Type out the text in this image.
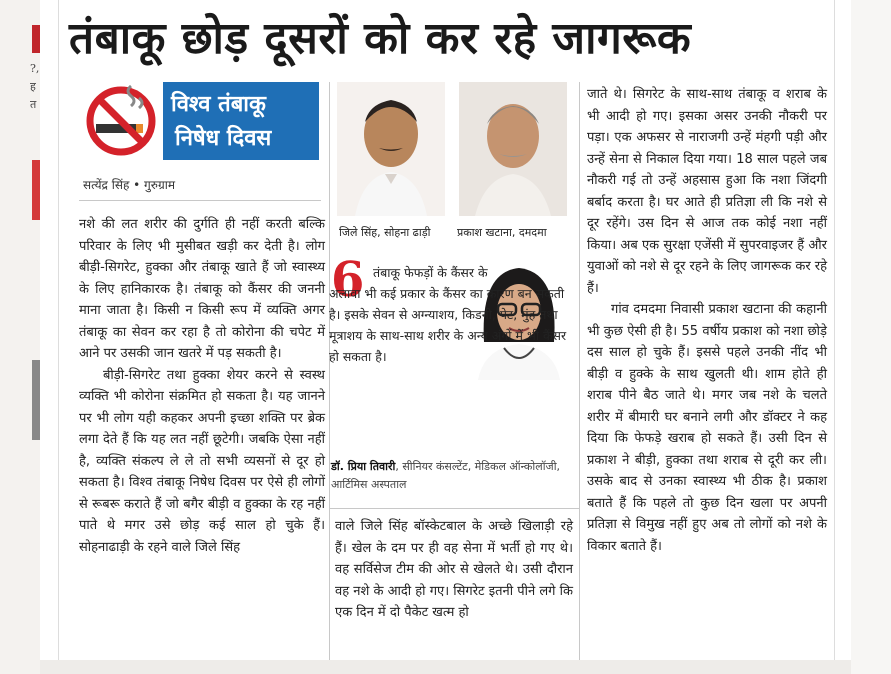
?, ह त
तंबाकू छोड़ दूसरों को कर रहे जागरूक
विश्व तंबाकू
निषेध दिवस
सत्येंद्र सिंह • गुरुग्राम

नशे की लत शरीर की दुर्गति ही नहीं करती बल्कि परिवार के लिए भी मुसीबत खड़ी कर देती है। लोग बीड़ी-सिगरेट, हुक्का और तंबाकू खाते हैं जो स्वास्थ्य के लिए हानिकारक है। तंबाकू को कैंसर की जननी माना जाता है। किसी न किसी रूप में व्यक्ति अगर तंबाकू का सेवन कर रहा है तो कोरोना की चपेट में आने पर उसकी जान खतरे में पड़ सकती है।

बीड़ी-सिगरेट तथा हुक्का शेयर करने से स्वस्थ व्यक्ति भी कोरोना संक्रमित हो सकता है। यह जानने पर भी लोग यही कहकर अपनी इच्छा शक्ति पर ब्रेक लगा देते हैं कि यह लत नहीं छूटेगी। जबकि ऐसा नहीं है, व्यक्ति संकल्प ले ले तो सभी व्यसनों से दूर हो सकता है। विश्व तंबाकू निषेध दिवस पर ऐसे ही लोगों से रूबरू कराते हैं जो बगैर बीड़ी व हुक्का के रह नहीं पाते थे मगर उसे छोड़ कई साल हो चुके हैं। सोहनाढाड़ी के रहने वाले जिले सिंह

जिले सिंह, सोहना ढाड़ी प्रकाश खटाना, दमदमा
6 तंबाकू फेफड़ों के कैंसर के
अलावा भी कई प्रकार के कैंसर का कारण बन सकती है। इसके सेवन से अग्न्याशय, किडनी, पेट, मुंह तथा मूत्राशय के साथ-साथ शरीर के अन्य अंगों में भी कैंसर हो सकता है।
डॉ. प्रिया तिवारी, सीनियर कंसल्टेंट, मेडिकल ऑन्कोलॉजी, आर्टिमिस अस्पताल

वाले जिले सिंह बॉस्केटबाल के अच्छे खिलाड़ी रहे हैं। खेल के दम पर ही वह सेना में भर्ती हो गए थे। वह सर्विसेज टीम की ओर से खेलते थे। उसी दौरान वह नशे के आदी हो गए। सिगरेट इतनी पीने लगे कि एक दिन में दो पैकेट खत्म हो

जाते थे। सिगरेट के साथ-साथ तंबाकू व शराब के भी आदी हो गए। इसका असर उनकी नौकरी पर पड़ा। एक अफसर से नाराजगी उन्हें मंहगी पड़ी और उन्हें सेना से निकाल दिया गया। 18 साल पहले जब नौकरी गई तो उन्हें अहसास हुआ कि नशा जिंदगी बर्बाद करता है। घर आते ही प्रतिज्ञा ली कि नशे से दूर रहेंगे। उस दिन से आज तक कोई नशा नहीं किया। अब एक सुरक्षा एजेंसी में सुपरवाइजर हैं और युवाओं को नशे से दूर रहने के लिए जागरूक कर रहे हैं।

गांव दमदमा निवासी प्रकाश खटाना की कहानी भी कुछ ऐसी ही है। 55 वर्षीय प्रकाश को नशा छोड़े दस साल हो चुके हैं। इससे पहले उनकी नींद भी बीड़ी व हुक्के के साथ खुलती थी। शाम होते ही शराब पीने बैठ जाते थे। मगर जब नशे के चलते शरीर में बीमारी घर बनाने लगी और डॉक्टर ने कह दिया कि फेफड़े खराब हो सकते हैं। उसी दिन से प्रकाश ने बीड़ी, हुक्का तथा शराब से दूरी कर ली। उसके बाद से उनका स्वास्थ्य भी ठीक है। प्रकाश बताते हैं कि पहले तो कुछ दिन खला पर अपनी प्रतिज्ञा से विमुख नहीं हुए अब तो लोगों को नशे के विकार बताते हैं।
